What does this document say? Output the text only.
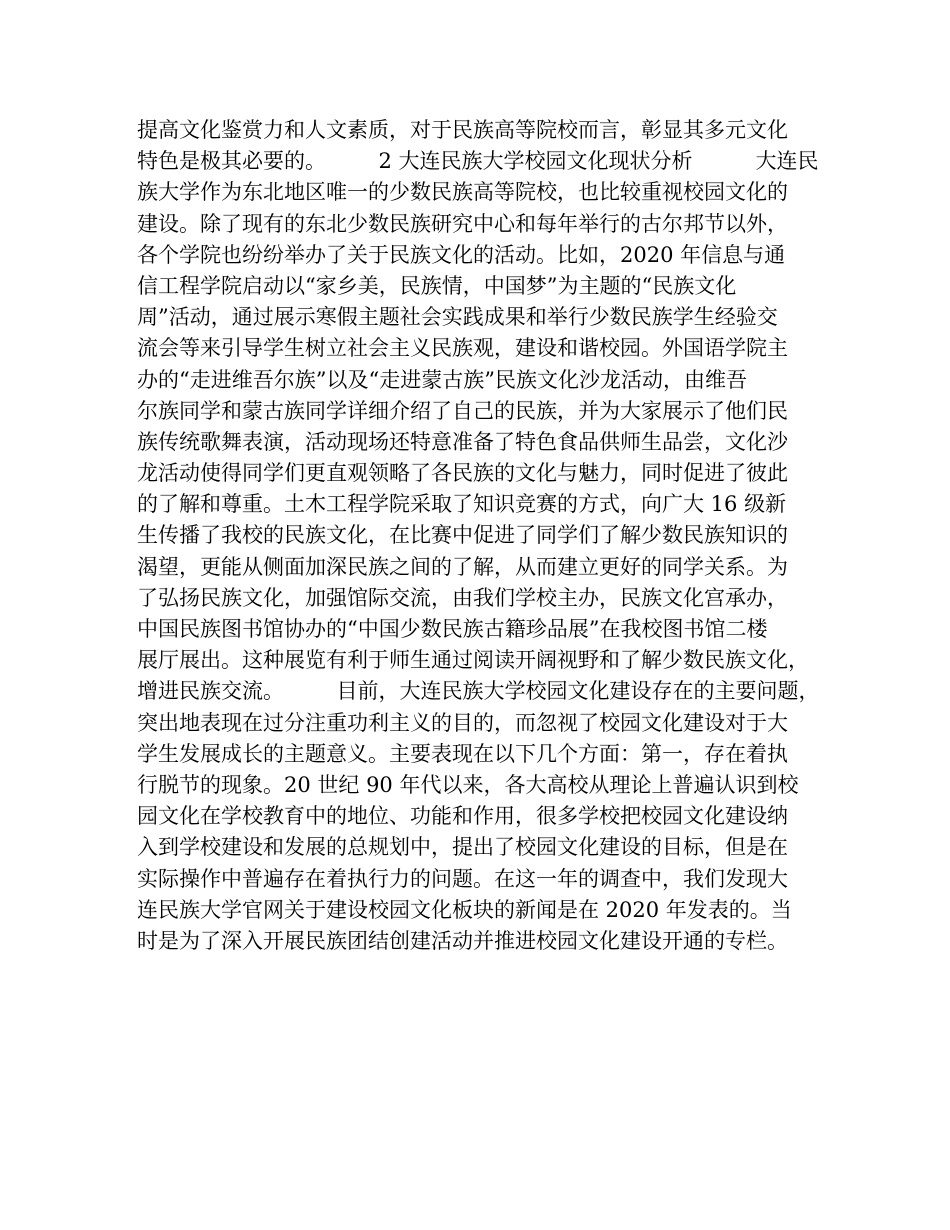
提高文化鉴赏力和人文素质，对于民族高等院校而言，彰显其多元文化
特色是极其必要的。　　　2 大连民族大学校园文化现状分析　　　大连民
族大学作为东北地区唯一的少数民族高等院校，也比较重视校园文化的
建设。除了现有的东北少数民族研究中心和每年举行的古尔邦节以外，
各个学院也纷纷举办了关于民族文化的活动。比如，2020 年信息与通
信工程学院启动以“家乡美，民族情，中国梦”为主题的“民族文化
周”活动，通过展示寒假主题社会实践成果和举行少数民族学生经验交
流会等来引导学生树立社会主义民族观，建设和谐校园。外国语学院主
办的“走进维吾尔族”以及“走进蒙古族”民族文化沙龙活动，由维吾
尔族同学和蒙古族同学详细介绍了自己的民族，并为大家展示了他们民
族传统歌舞表演，活动现场还特意准备了特色食品供师生品尝，文化沙
龙活动使得同学们更直观领略了各民族的文化与魅力，同时促进了彼此
的了解和尊重。土木工程学院采取了知识竞赛的方式，向广大 16 级新
生传播了我校的民族文化，在比赛中促进了同学们了解少数民族知识的
渴望，更能从侧面加深民族之间的了解，从而建立更好的同学关系。为
了弘扬民族文化，加强馆际交流，由我们学校主办，民族文化宫承办，
中国民族图书馆协办的“中国少数民族古籍珍品展”在我校图书馆二楼
展厅展出。这种展览有利于师生通过阅读开阔视野和了解少数民族文化，
增进民族交流。　　　目前，大连民族大学校园文化建设存在的主要问题，
突出地表现在过分注重功利主义的目的，而忽视了校园文化建设对于大
学生发展成长的主题意义。主要表现在以下几个方面：第一，存在着执
行脱节的现象。20 世纪 90 年代以来，各大高校从理论上普遍认识到校
园文化在学校教育中的地位、功能和作用，很多学校把校园文化建设纳
入到学校建设和发展的总规划中，提出了校园文化建设的目标，但是在
实际操作中普遍存在着执行力的问题。在这一年的调查中，我们发现大
连民族大学官网关于建设校园文化板块的新闻是在 2020 年发表的。当
时是为了深入开展民族团结创建活动并推进校园文化建设开通的专栏。
